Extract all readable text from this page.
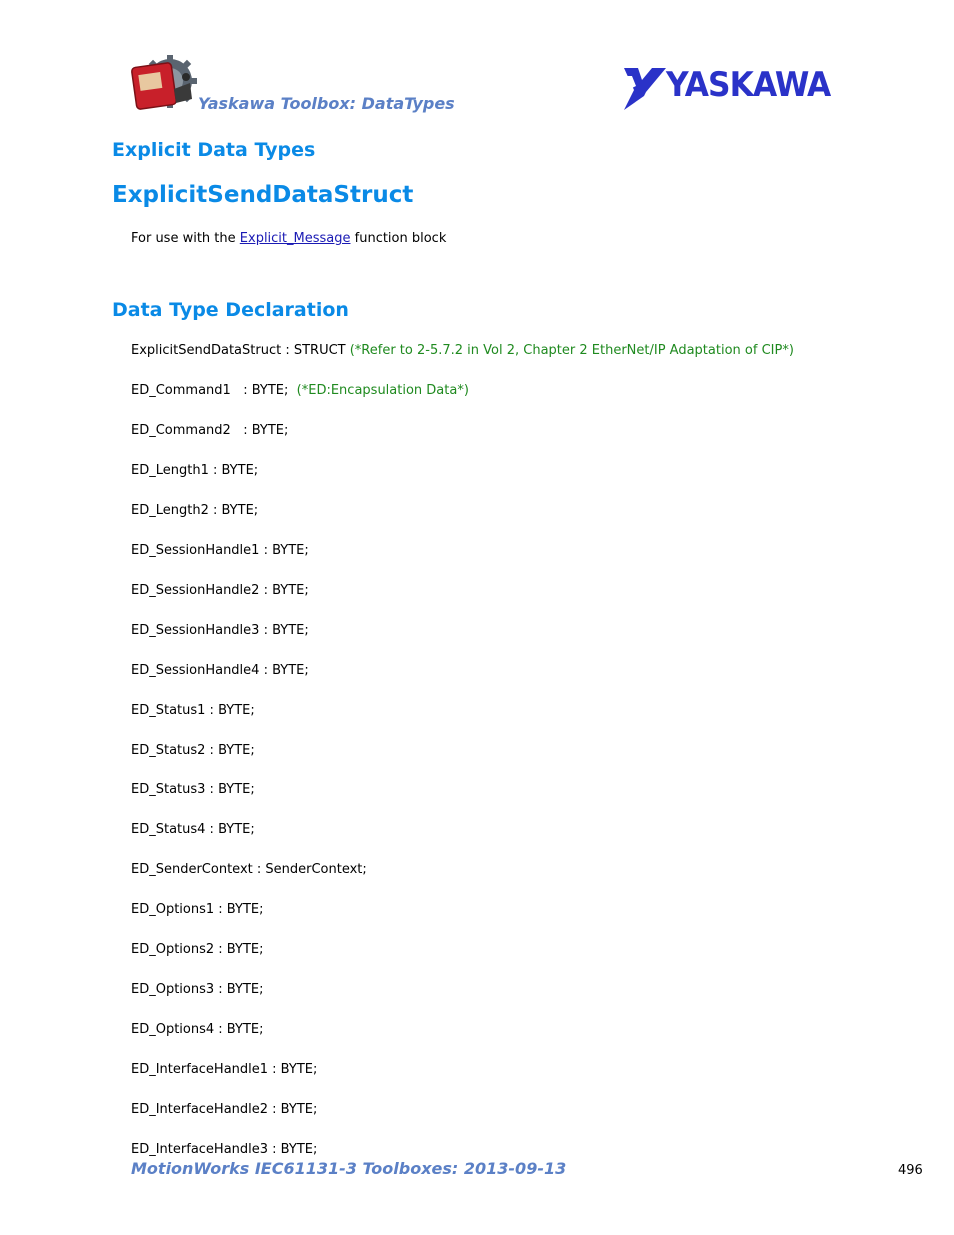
Yaskawa Toolbox: DataTypes	YASKAWA
Explicit Data Types
ExplicitSendDataStruct
For use with the Explicit_Message function block
Data Type Declaration
ExplicitSendDataStruct : STRUCT (*Refer to 2-5.7.2 in Vol 2, Chapter 2 EtherNet/IP Adaptation of CIP*)
ED_Command1   : BYTE;  (*ED:Encapsulation Data*)
ED_Command2   : BYTE;
ED_Length1 : BYTE;
ED_Length2 : BYTE;
ED_SessionHandle1 : BYTE;
ED_SessionHandle2 : BYTE;
ED_SessionHandle3 : BYTE;
ED_SessionHandle4 : BYTE;
ED_Status1 : BYTE;
ED_Status2 : BYTE;
ED_Status3 : BYTE;
ED_Status4 : BYTE;
ED_SenderContext : SenderContext;
ED_Options1 : BYTE;
ED_Options2 : BYTE;
ED_Options3 : BYTE;
ED_Options4 : BYTE;
ED_InterfaceHandle1 : BYTE;
ED_InterfaceHandle2 : BYTE;
ED_InterfaceHandle3 : BYTE;
MotionWorks IEC61131-3 Toolboxes: 2013-09-13	496
